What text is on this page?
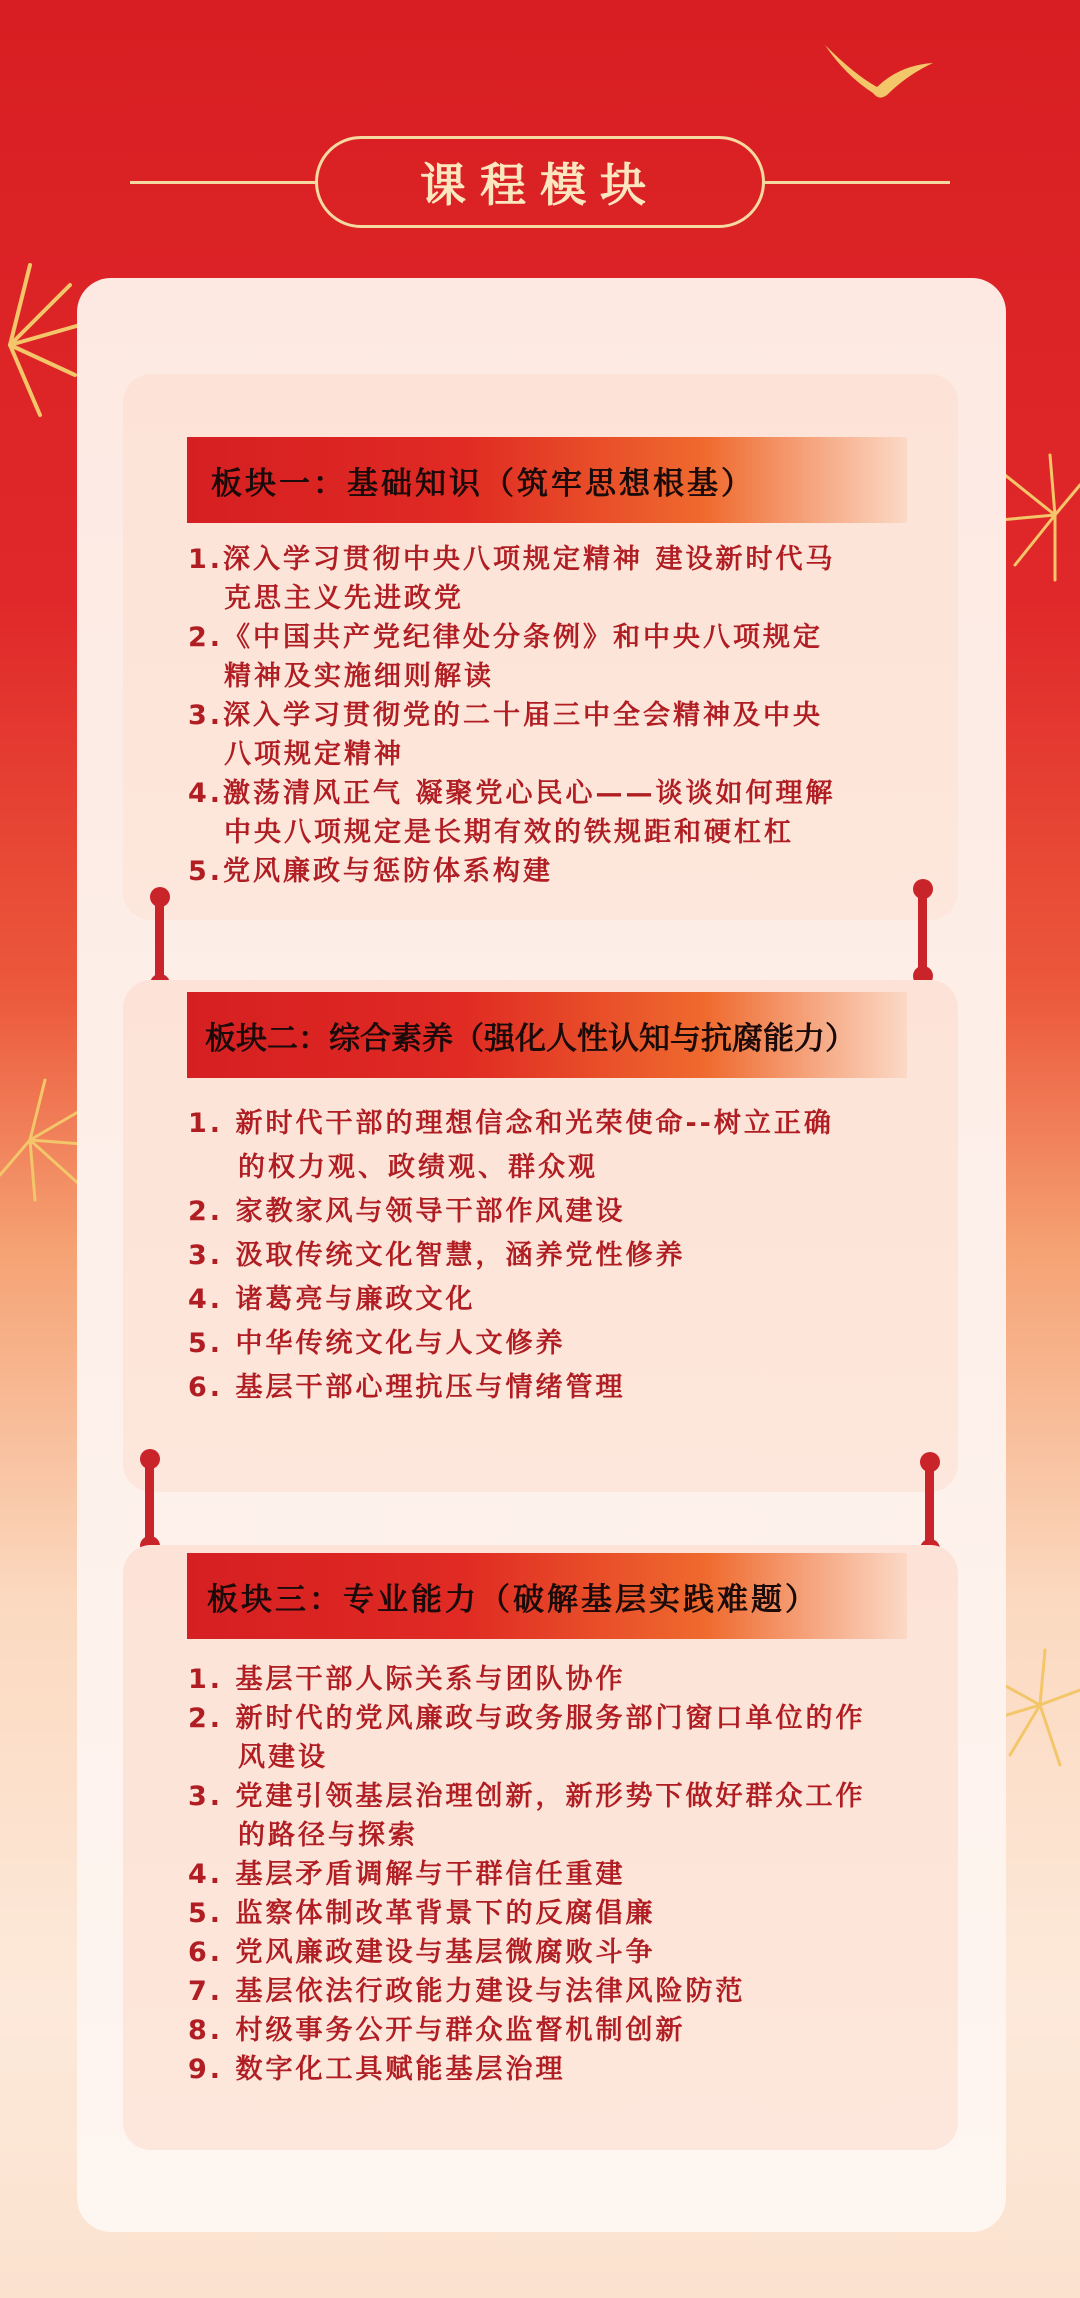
课程模块
板块一：基础知识（筑牢思想根基）
1.深入学习贯彻中央八项规定精神 建设新时代马
克思主义先进政党
2.《中国共产党纪律处分条例》和中央八项规定
精神及实施细则解读
3.深入学习贯彻党的二十届三中全会精神及中央
八项规定精神
4.激荡清风正气 凝聚党心民心——谈谈如何理解
中央八项规定是长期有效的铁规距和硬杠杠
5.党风廉政与惩防体系构建
板块二：综合素养（强化人性认知与抗腐能力）
1. 新时代干部的理想信念和光荣使命--树立正确
的权力观、政绩观、群众观
2. 家教家风与领导干部作风建设
3. 汲取传统文化智慧，涵养党性修养
4. 诸葛亮与廉政文化
5. 中华传统文化与人文修养
6. 基层干部心理抗压与情绪管理
板块三：专业能力（破解基层实践难题）
1. 基层干部人际关系与团队协作
2. 新时代的党风廉政与政务服务部门窗口单位的作
风建设
3. 党建引领基层治理创新，新形势下做好群众工作
的路径与探索
4. 基层矛盾调解与干群信任重建
5. 监察体制改革背景下的反腐倡廉
6. 党风廉政建设与基层微腐败斗争
7. 基层依法行政能力建设与法律风险防范
8. 村级事务公开与群众监督机制创新
9. 数字化工具赋能基层治理
